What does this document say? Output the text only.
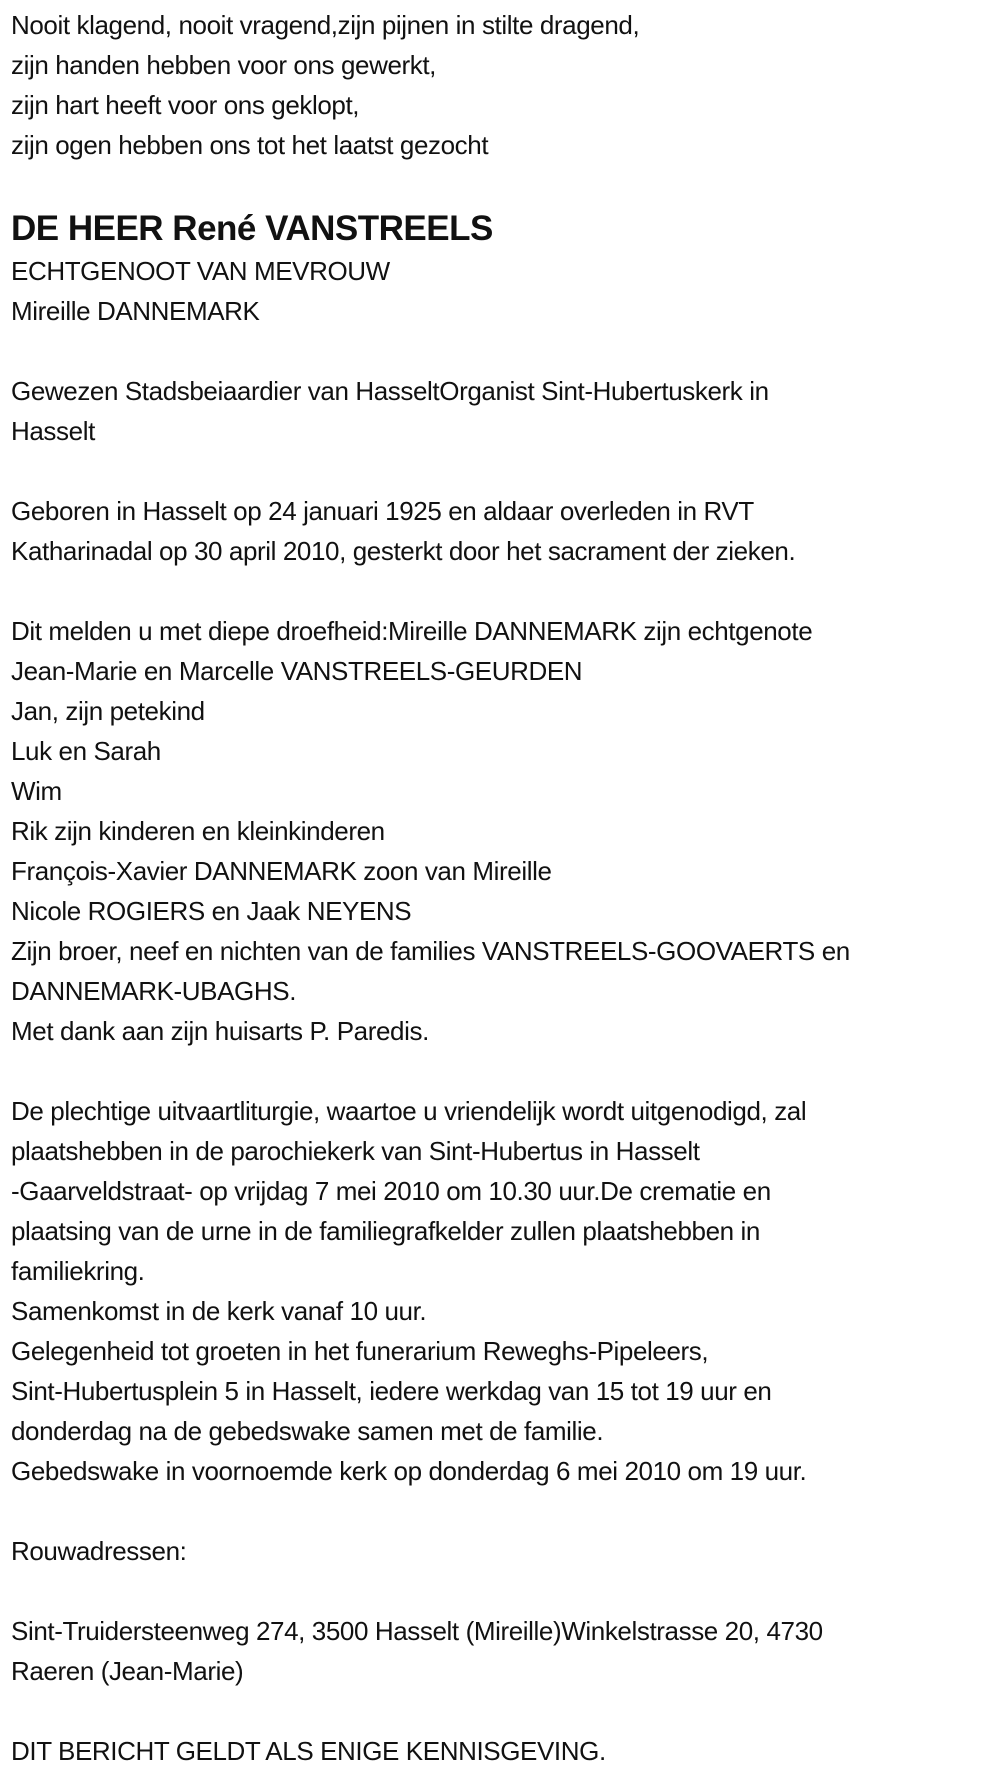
Nooit klagend, nooit vragend,zijn pijnen in stilte dragend,
zijn handen hebben voor ons gewerkt,
zijn hart heeft voor ons geklopt,
zijn ogen hebben ons tot het laatst gezocht
DE HEER René VANSTREELS
ECHTGENOOT VAN MEVROUW
Mireille DANNEMARK
Gewezen Stadsbeiaardier van HasseltOrganist Sint-Hubertuskerk in
Hasselt
Geboren in Hasselt op 24 januari 1925 en aldaar overleden in RVT
Katharinadal op 30 april 2010, gesterkt door het sacrament der zieken.
Dit melden u met diepe droefheid:Mireille DANNEMARK zijn echtgenote
Jean-Marie en Marcelle VANSTREELS-GEURDEN
Jan, zijn petekind
Luk en Sarah
Wim
Rik zijn kinderen en kleinkinderen
François-Xavier DANNEMARK zoon van Mireille
Nicole ROGIERS en Jaak NEYENS
Zijn broer, neef en nichten van de families VANSTREELS-GOOVAERTS en
DANNEMARK-UBAGHS.
Met dank aan zijn huisarts P. Paredis.
De plechtige uitvaartliturgie, waartoe u vriendelijk wordt uitgenodigd, zal
plaatshebben in de parochiekerk van Sint-Hubertus in Hasselt
-Gaarveldstraat- op vrijdag 7 mei 2010 om 10.30 uur.De crematie en
plaatsing van de urne in de familiegrafkelder zullen plaatshebben in
familiekring.
Samenkomst in de kerk vanaf 10 uur.
Gelegenheid tot groeten in het funerarium Reweghs-Pipeleers,
Sint-Hubertusplein 5 in Hasselt, iedere werkdag van 15 tot 19 uur en
donderdag na de gebedswake samen met de familie.
Gebedswake in voornoemde kerk op donderdag 6 mei 2010 om 19 uur.
Rouwadressen:
Sint-Truidersteenweg 274, 3500 Hasselt (Mireille)Winkelstrasse 20, 4730
Raeren (Jean-Marie)
DIT BERICHT GELDT ALS ENIGE KENNISGEVING.
